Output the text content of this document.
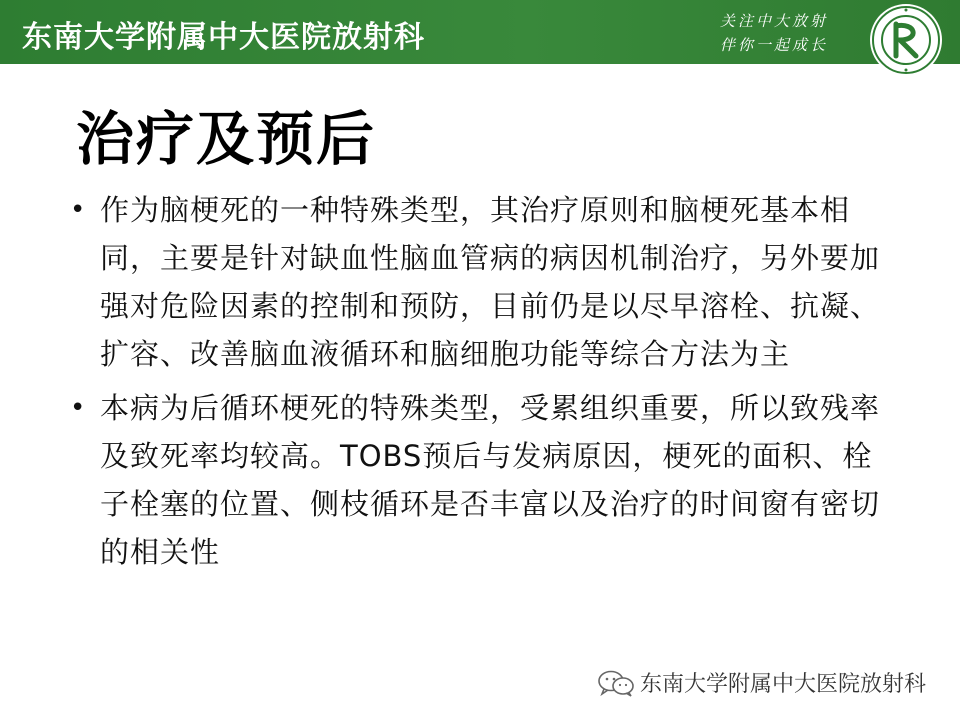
东南大学附属中大医院放射科	关注中大放射
伴你一起成长
治疗及预后
• 作为脑梗死的一种特殊类型，其治疗原则和脑梗死基本相同，主要是针对缺血性脑血管病的病因机制治疗，另外要加强对危险因素的控制和预防，目前仍是以尽早溶栓、抗凝、扩容、改善脑血液循环和脑细胞功能等综合方法为主
• 本病为后循环梗死的特殊类型，受累组织重要，所以致残率及致死率均较高。TOBS预后与发病原因，梗死的面积、栓子栓塞的位置、侧枝循环是否丰富以及治疗的时间窗有密切的相关性
东南大学附属中大医院放射科
